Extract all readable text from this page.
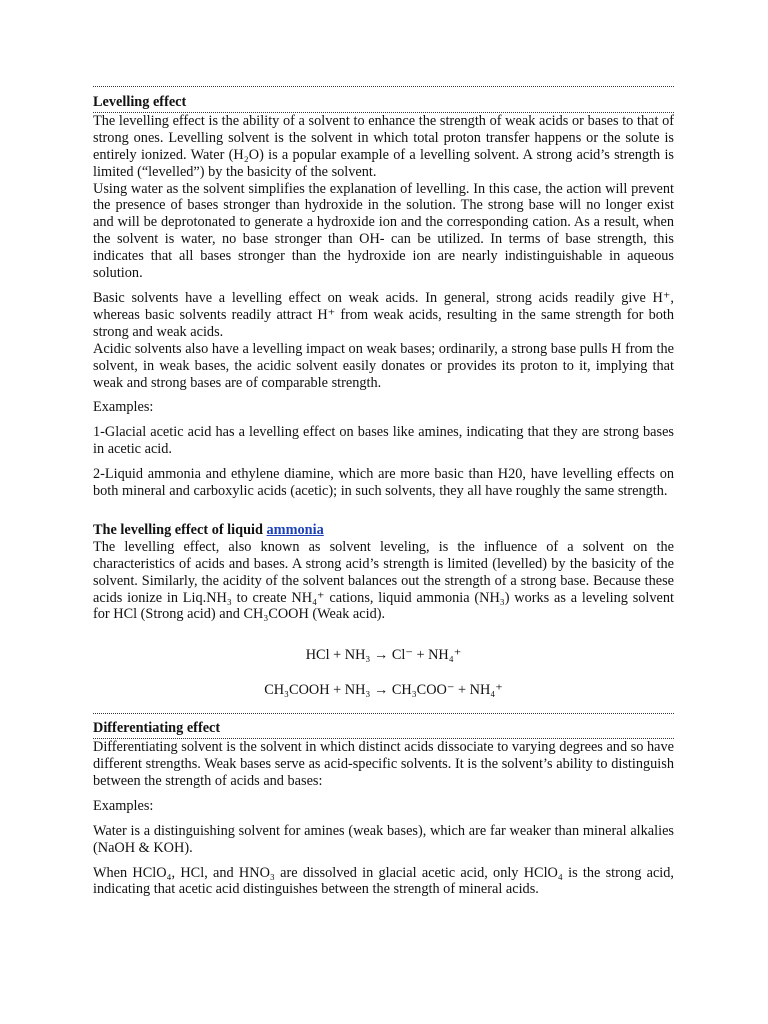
Levelling effect

The levelling effect is the ability of a solvent to enhance the strength of weak acids or bases to that of strong ones. Levelling solvent is the solvent in which total proton transfer happens or the solute is entirely ionized. Water (H₂O) is a popular example of a levelling solvent. A strong acid’s strength is limited (“levelled”) by the basicity of the solvent.

Using water as the solvent simplifies the explanation of levelling. In this case, the action will prevent the presence of bases stronger than hydroxide in the solution. The strong base will no longer exist and will be deprotonated to generate a hydroxide ion and the corresponding cation. As a result, when the solvent is water, no base stronger than OH- can be utilized. In terms of base strength, this indicates that all bases stronger than the hydroxide ion are nearly indistinguishable in aqueous solution.

Basic solvents have a levelling effect on weak acids. In general, strong acids readily give H⁺, whereas basic solvents readily attract H⁺ from weak acids, resulting in the same strength for both strong and weak acids.

Acidic solvents also have a levelling impact on weak bases; ordinarily, a strong base pulls H from the solvent, in weak bases, the acidic solvent easily donates or provides its proton to it, implying that weak and strong bases are of comparable strength.

Examples:

1-Glacial acetic acid has a levelling effect on bases like amines, indicating that they are strong bases in acetic acid.

2-Liquid ammonia and ethylene diamine, which are more basic than H20, have levelling effects on both mineral and carboxylic acids (acetic); in such solvents, they all have roughly the same strength.

The levelling effect of liquid ammonia

The levelling effect, also known as solvent leveling, is the influence of a solvent on the characteristics of acids and bases. A strong acid’s strength is limited (levelled) by the basicity of the solvent. Similarly, the acidity of the solvent balances out the strength of a strong base. Because these acids ionize in Liq.NH₃ to create NH₄⁺ cations, liquid ammonia (NH₃) works as a leveling solvent for HCl (Strong acid) and CH₃COOH (Weak acid).

HCl + NH₃ → Cl⁻ + NH₄⁺

CH₃COOH + NH₃ → CH₃COO⁻ + NH₄⁺

Differentiating effect

Differentiating solvent is the solvent in which distinct acids dissociate to varying degrees and so have different strengths. Weak bases serve as acid-specific solvents. It is the solvent’s ability to distinguish between the strength of acids and bases:

Examples:

Water is a distinguishing solvent for amines (weak bases), which are far weaker than mineral alkalies (NaOH & KOH).

When HClO₄, HCl, and HNO₃ are dissolved in glacial acetic acid, only HClO₄ is the strong acid, indicating that acetic acid distinguishes between the strength of mineral acids.
